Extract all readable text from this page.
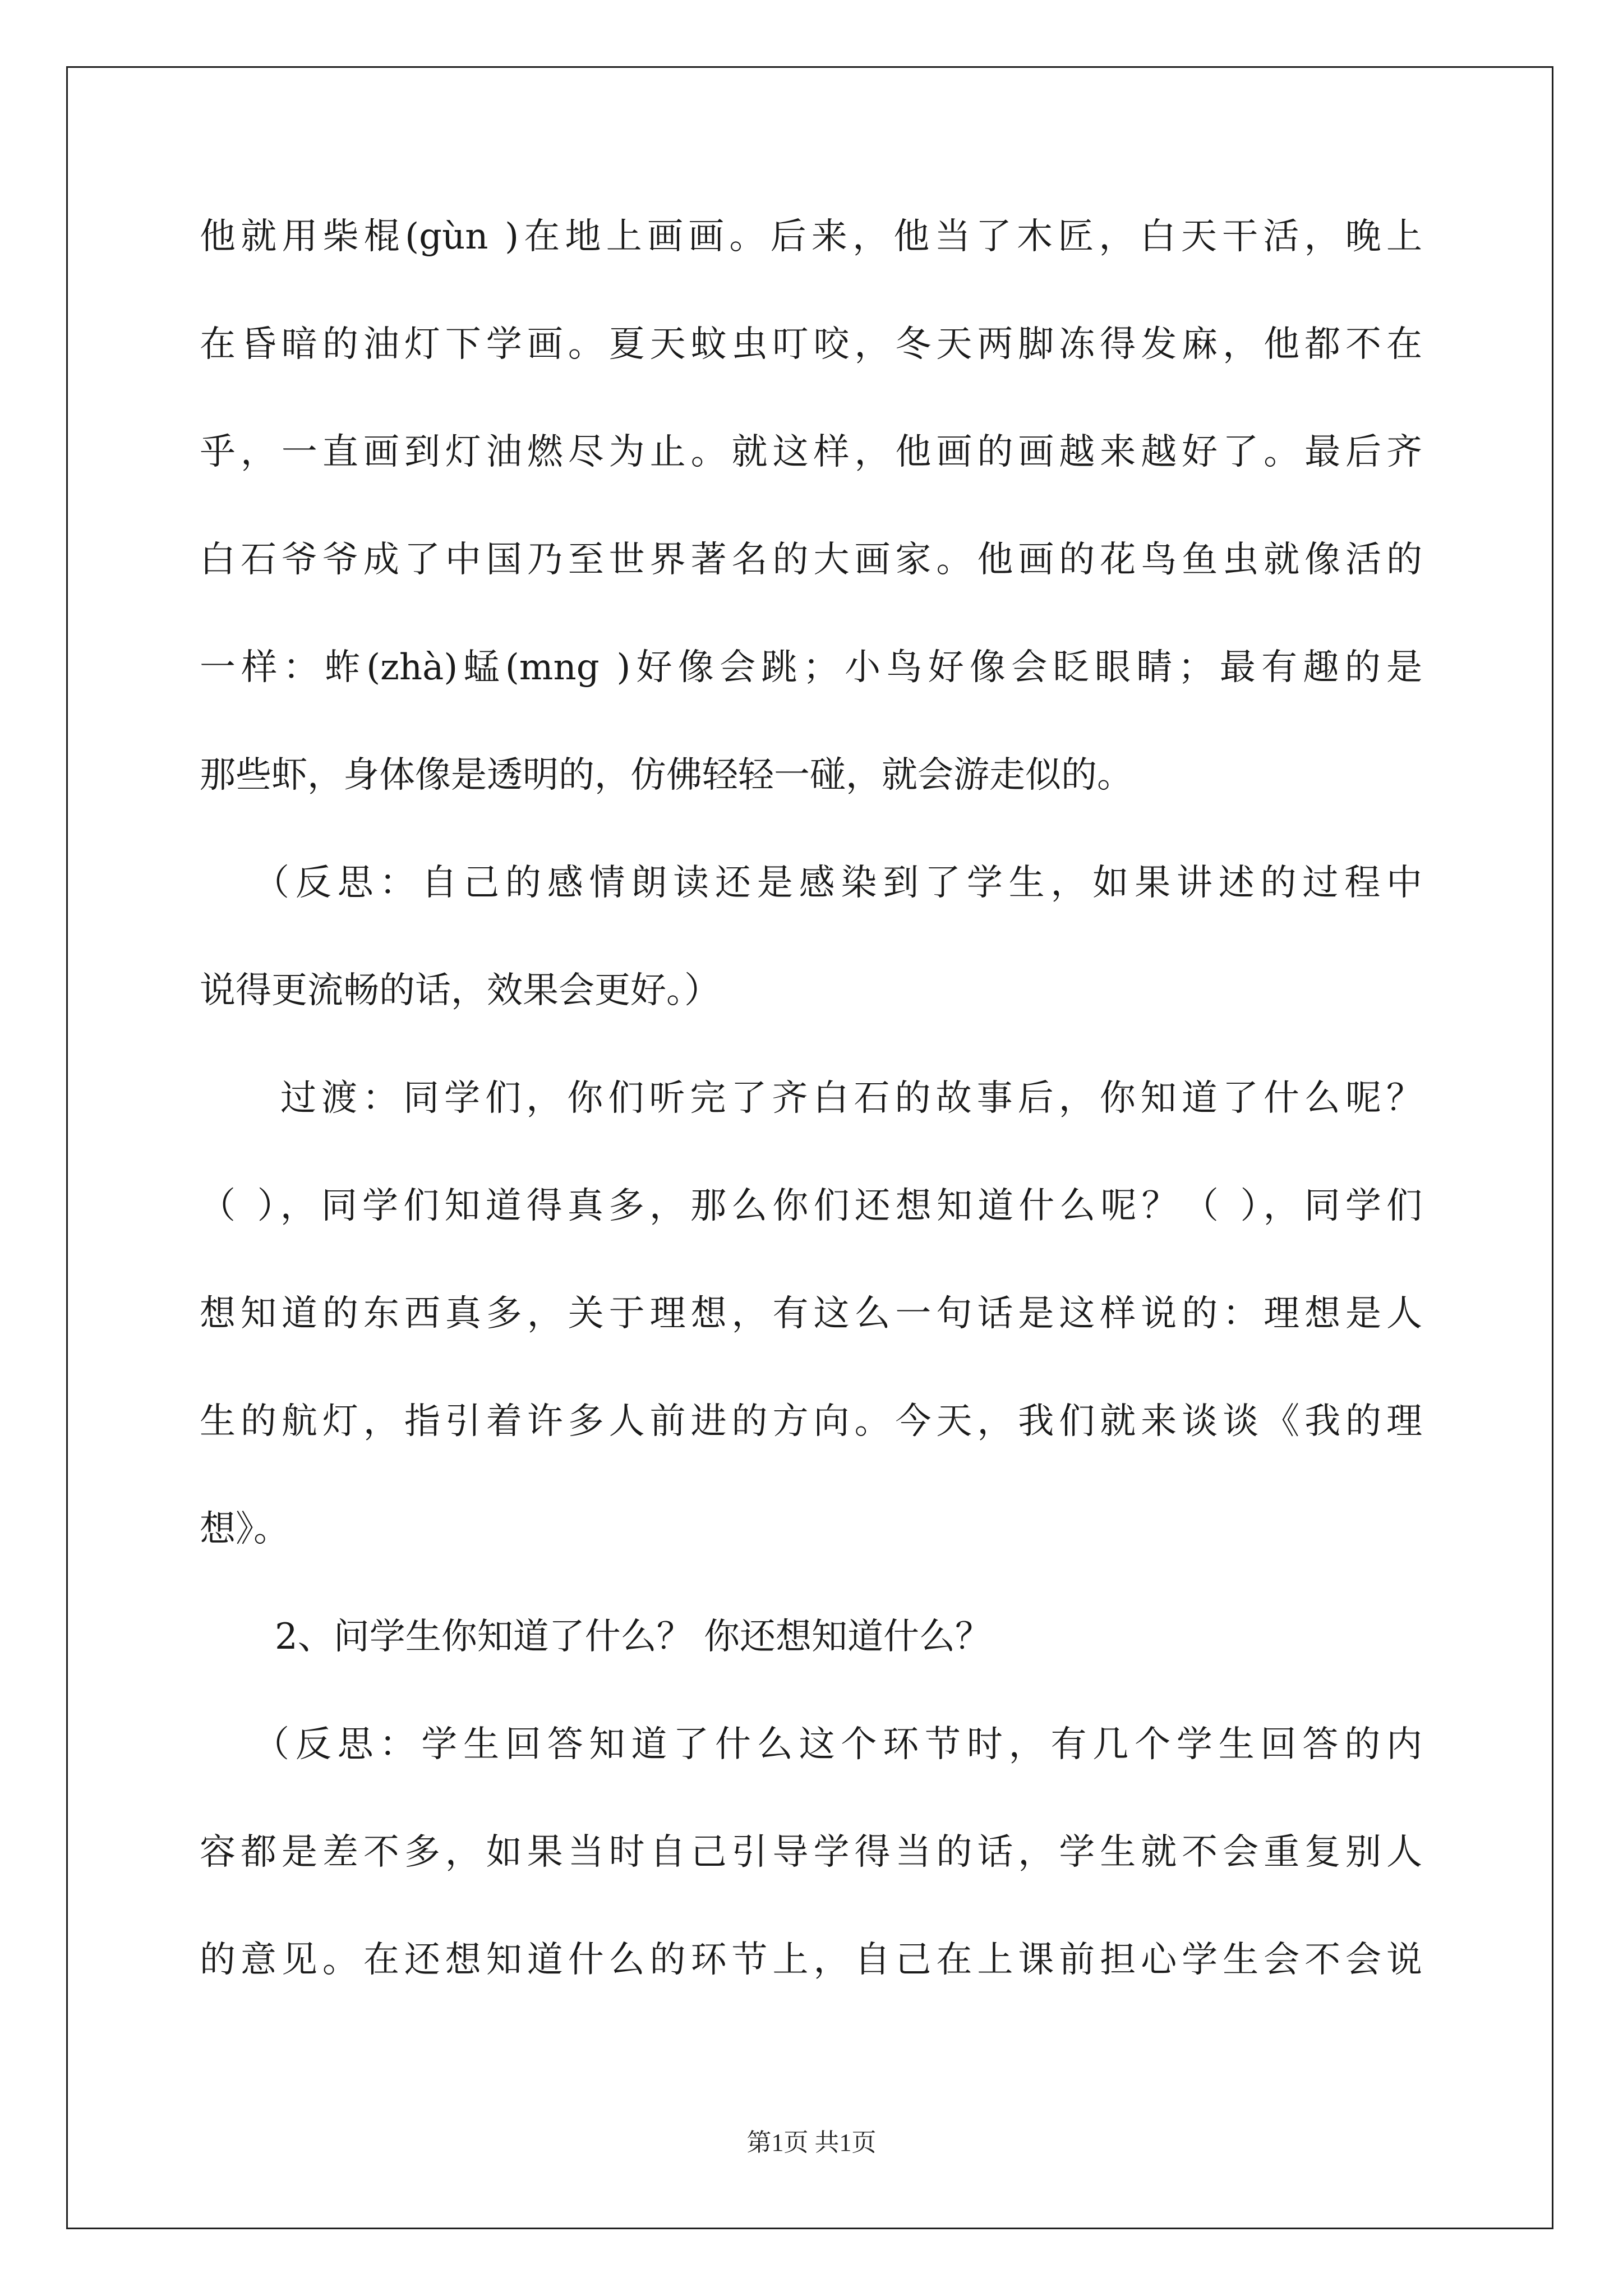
他就用柴棍(gùn )在地上画画。后来，他当了木匠，白天干活，晚上
在昏暗的油灯下学画。夏天蚊虫叮咬，冬天两脚冻得发麻，他都不在
乎，一直画到灯油燃尽为止。就这样，他画的画越来越好了。最后齐
白石爷爷成了中国乃至世界著名的大画家。他画的花鸟鱼虫就像活的
一样：蚱(zhà)蜢(mng )好像会跳；小鸟好像会眨眼睛；最有趣的是
那些虾，身体像是透明的，仿佛轻轻一碰，就会游走似的。
（反思：自己的感情朗读还是感染到了学生，如果讲述的过程中
说得更流畅的话，效果会更好。）
过渡：同学们，你们听完了齐白石的故事后，你知道了什么呢？
（ ），同学们知道得真多，那么你们还想知道什么呢？（ ），同学们
想知道的东西真多，关于理想，有这么一句话是这样说的：理想是人
生的航灯，指引着许多人前进的方向。今天，我们就来谈谈《我的理
想》。
2、问学生你知道了什么？ 你还想知道什么？
（反思：学生回答知道了什么这个环节时，有几个学生回答的内
容都是差不多，如果当时自己引导学得当的话，学生就不会重复别人
的意见。在还想知道什么的环节上，自己在上课前担心学生会不会说
第1页 共1页
